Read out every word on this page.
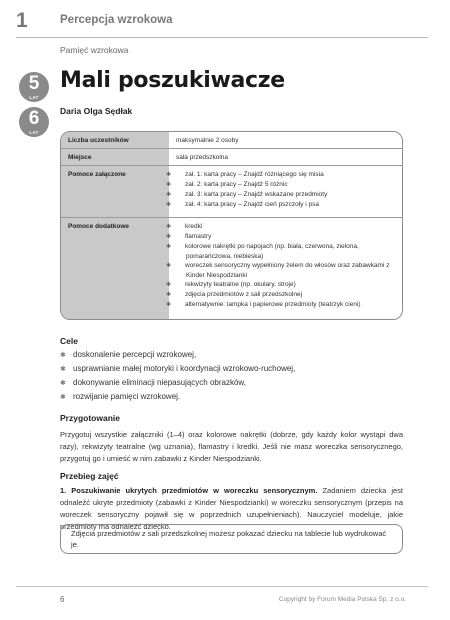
1	Percepcja wzrokowa
Pamięć wzrokowa
5
LAT
6
LAT
Mali poszukiwacze
Daria Olga Sędłak
Liczba uczestników
Miejsce
Pomoce załączone
Pomoce dodatkowe
maksymalnie 2 osoby
sala przedszkolna
✱ zał. 1: karta pracy – Znajdź różniącego się misia
✱ zał. 2: karta pracy – Znajdź 5 różnic
✱ zał. 3: karta pracy – Znajdź wskazane przedmioty
✱ zał. 4: karta pracy – Znajdź cień pszczoły i psa
✱ kredki
✱ flamastry
✱ kolorowe nakrętki po napojach (np. biała, czerwona, zielona, pomarańczowa, niebieska)
✱ woreczek sensoryczny wypełniony żelem do włosów oraz zabawkami z Kinder Niespodzianki
✱ rekwizyty teatralne (np. okulary, stroje)
✱ zdjęcia przedmiotów z sali przedszkolnej
✱ alternatywnie: lampka i papierowe przedmioty (teatrzyk cieni)
Cele
✱ doskonalenie percepcji wzrokowej,
✱ usprawnianie małej motoryki i koordynacji wzrokowo-ruchowej,
✱ dokonywanie eliminacji niepasujących obrazków,
✱ rozwijanie pamięci wzrokowej.
Przygotowanie
Przygotuj wszystkie załączniki (1–4) oraz kolorowe nakrętki (dobrze, gdy każdy kolor wystąpi dwa razy), rekwizyty teatralne (wg uznania), flamastry i kredki. Jeśli nie masz woreczka sensorycznego, przygotuj go i umieść w nim zabawki z Kinder Niespodzianki.
Przebieg zajęć
1. Poszukiwanie ukrytych przedmiotów w woreczku sensorycznym. Zadaniem dziecka jest odnaleźć ukryte przedmioty (zabawki z Kinder Niespodzianki) w woreczku sensorycznym (przepis na woreczek sensoryczny pojawił się w poprzednich uzupełnieniach). Nauczyciel modeluje, jakie przedmioty ma odnaleźć dziecko.
Zdjęcia przedmiotów z sali przedszkolnej możesz pokazać dziecku na tablecie lub wydrukować je.
6	Copyright by Forum Media Polska Sp. z o.o.
